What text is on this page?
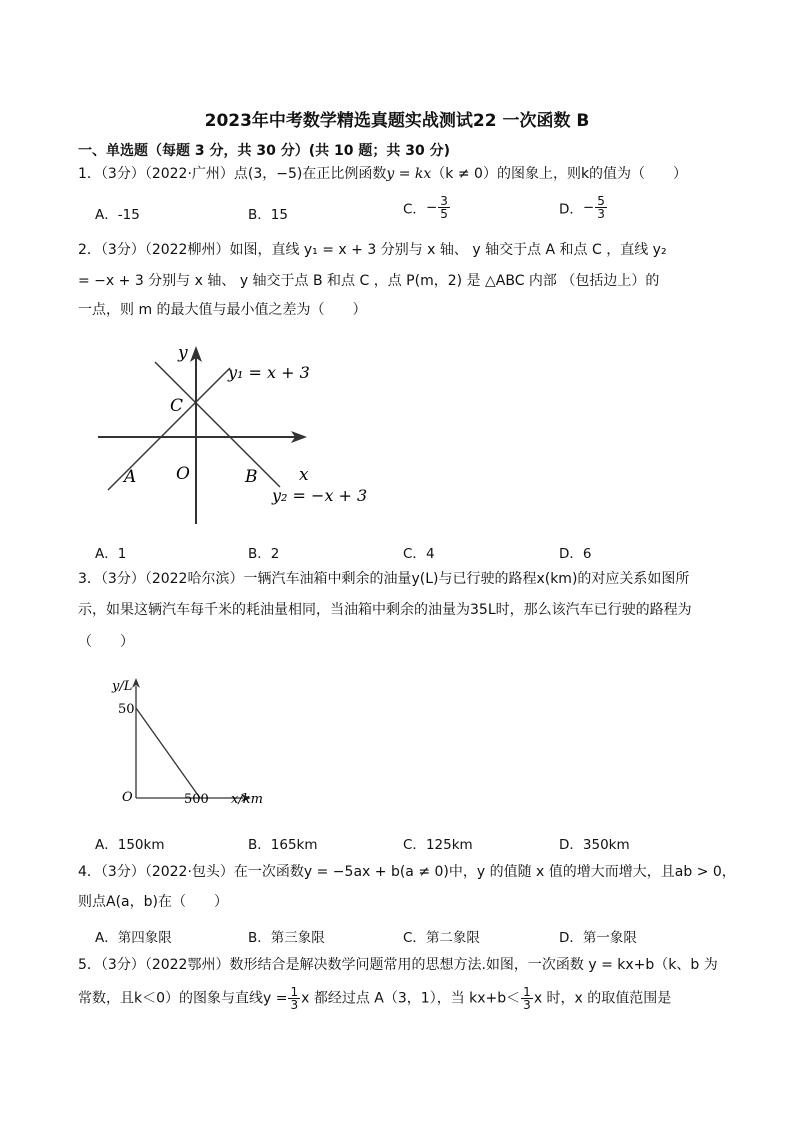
2023年中考数学精选真题实战测试22 一次函数 B
一、单选题（每题 3 分，共 30 分）(共 10 题；共 30 分)
1．（3分）（2022·广州）点(3，−5)在正比例函数y = kx（k ≠ 0）的图象上，则k的值为（　　）
A．-15	B．15	C．− $\frac{3}{5}$	D．− $\frac{5}{3}$
2．（3分）（2022柳州）如图，直线 y₁ = x + 3 分别与 x 轴、 y 轴交于点 A 和点 C ，直线 y₂
= −x + 3 分别与 x 轴、 y 轴交于点 B 和点 C ，点 P(m，2) 是 △ABC 内部 （包括边上）的
一点，则 m 的最大值与最小值之差为（　　）
y
x
y₁ = x + 3
y₂ = −x + 3
C
A O	B
A．1	B．2	C．4	D．6
3．（3分）（2022哈尔滨）一辆汽车油箱中剩余的油量y(L)与已行驶的路程x(km)的对应关系如图所
示，如果这辆汽车每千米的耗油量相同，当油箱中剩余的油量为35L时，那么该汽车已行驶的路程为
（　　）
y/L
50
O	500 x/km
A．150km	B．165km	C．125km	D．350km
4．（3分）（2022·包头）在一次函数y = −5ax + b(a ≠ 0)中，y 的值随 x 值的增大而增大，且ab > 0，
则点A(a，b)在（　　）
A．第四象限	B．第三象限	C．第二象限	D．第一象限
5．（3分）（2022鄂州）数形结合是解决数学问题常用的思想方法.如图，一次函数 y = kx+b（k、b 为
常数，且k＜0）的图象与直线$y = \frac{1}{3}$ x 都经过点 A（3，1），当 $kx+b< \frac{1}{3}$ x 时，x 的取值范围是
